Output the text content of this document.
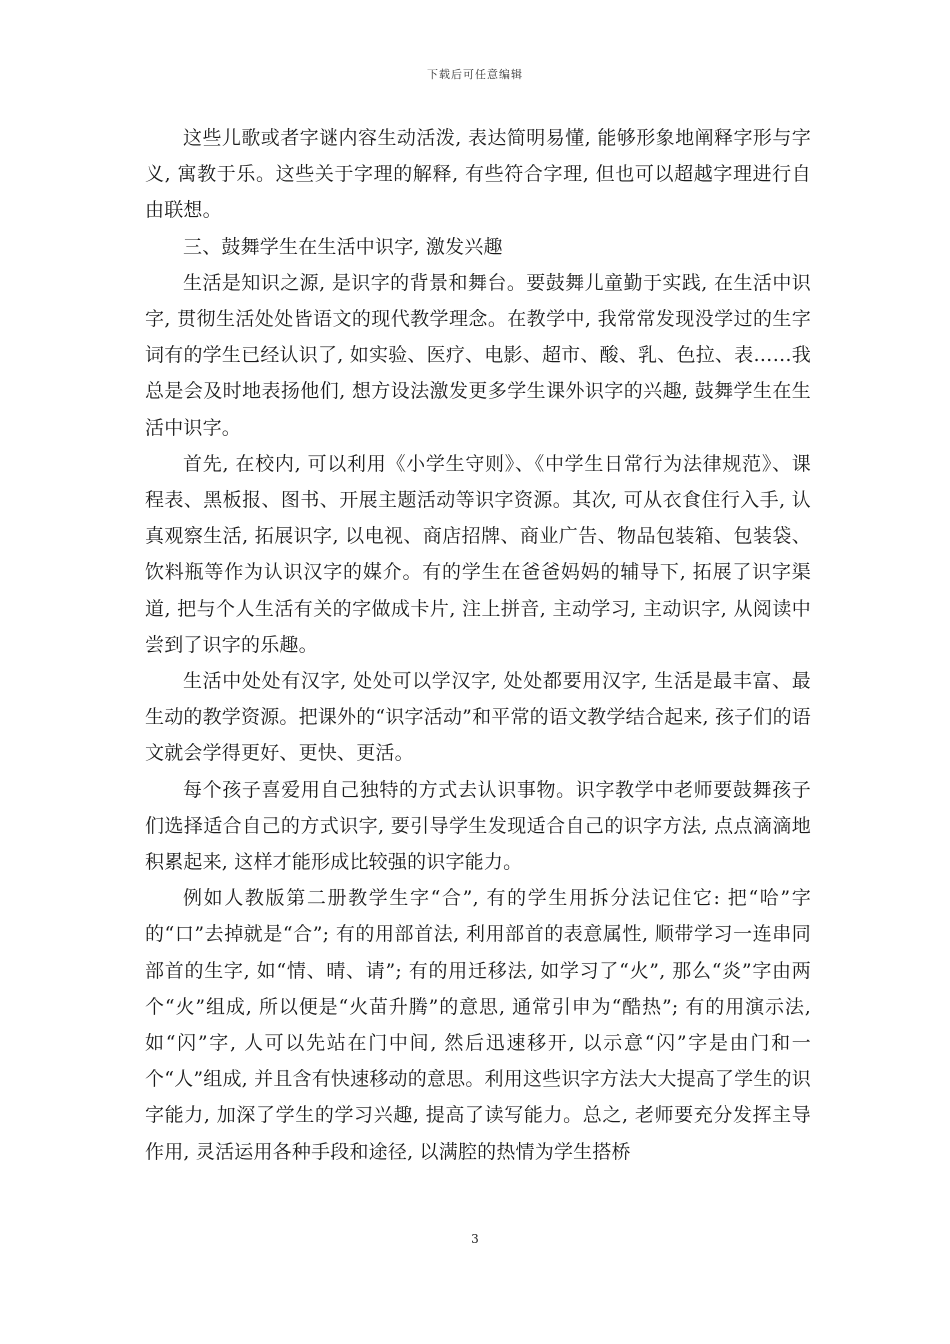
下载后可任意编辑

这些儿歌或者字谜内容生动活泼, 表达简明易懂, 能够形象地阐释字形与字义, 寓教于乐。这些关于字理的解释, 有些符合字理, 但也可以超越字理进行自由联想。

三、鼓舞学生在生活中识字, 激发兴趣

生活是知识之源, 是识字的背景和舞台。要鼓舞儿童勤于实践, 在生活中识字, 贯彻生活处处皆语文的现代教学理念。在教学中, 我常常发现没学过的生字词有的学生已经认识了, 如实验、医疗、电影、超市、酸、乳、色拉、表……我总是会及时地表扬他们, 想方设法激发更多学生课外识字的兴趣, 鼓舞学生在生活中识字。

首先, 在校内, 可以利用《小学生守则》、《中学生日常行为法律规范》、课程表、黑板报、图书、开展主题活动等识字资源。其次, 可从衣食住行入手, 认真观察生活, 拓展识字, 以电视、商店招牌、商业广告、物品包装箱、包装袋、饮料瓶等作为认识汉字的媒介。有的学生在爸爸妈妈的辅导下, 拓展了识字渠道, 把与个人生活有关的字做成卡片, 注上拼音, 主动学习, 主动识字, 从阅读中尝到了识字的乐趣。

生活中处处有汉字, 处处可以学汉字, 处处都要用汉字, 生活是最丰富、最生动的教学资源。把课外的“识字活动”和平常的语文教学结合起来, 孩子们的语文就会学得更好、更快、更活。

每个孩子喜爱用自己独特的方式去认识事物。识字教学中老师要鼓舞孩子们选择适合自己的方式识字, 要引导学生发现适合自己的识字方法, 点点滴滴地积累起来, 这样才能形成比较强的识字能力。

例如人教版第二册教学生字“合”, 有的学生用拆分法记住它: 把“哈”字的“口”去掉就是“合”; 有的用部首法, 利用部首的表意属性, 顺带学习一连串同部首的生字, 如“情、晴、请”; 有的用迁移法, 如学习了“火”, 那么“炎”字由两个“火”组成, 所以便是“火苗升腾”的意思, 通常引申为“酷热”; 有的用演示法, 如“闪”字, 人可以先站在门中间, 然后迅速移开, 以示意“闪”字是由门和一个“人”组成, 并且含有快速移动的意思。利用这些识字方法大大提高了学生的识字能力, 加深了学生的学习兴趣, 提高了读写能力。总之, 老师要充分发挥主导作用, 灵活运用各种手段和途径, 以满腔的热情为学生搭桥

3
